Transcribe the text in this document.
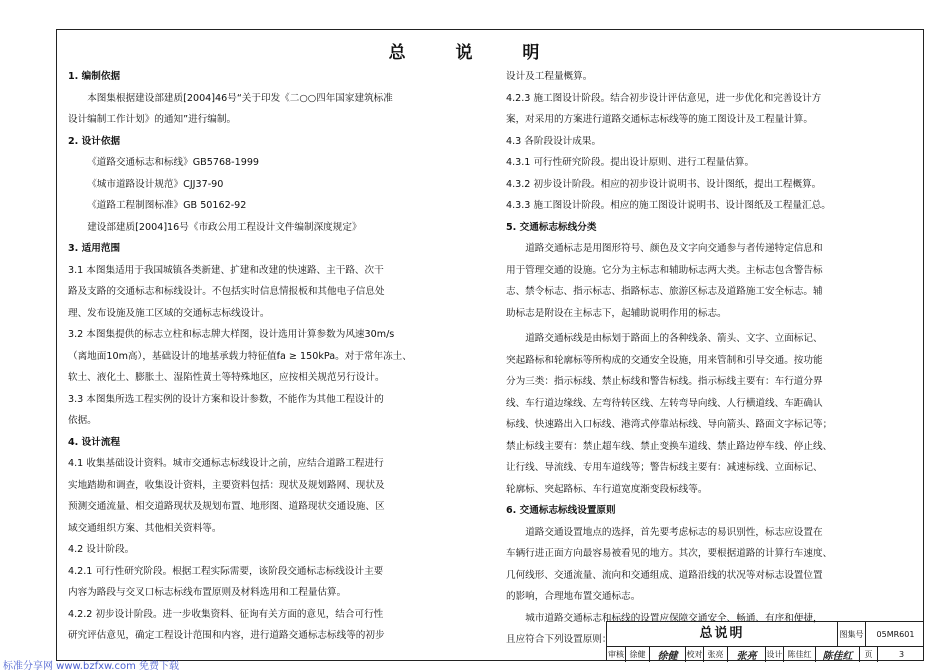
总 说 明

1. 编制依据

本图集根据建设部建质[2004]46号“关于印发《二○○四年国家建筑标准

设计编制工作计划》的通知”进行编制。

2. 设计依据

《道路交通标志和标线》GB5768-1999

《城市道路设计规范》CJJ37-90

《道路工程制图标准》GB 50162-92

建设部建质[2004]16号《市政公用工程设计文件编制深度规定》

3. 适用范围

3.1 本图集适用于我国城镇各类新建、扩建和改建的快速路、主干路、次干

路及支路的交通标志和标线设计。不包括实时信息情报板和其他电子信息处

理、发布设施及施工区域的交通标志标线设计。

3.2 本图集提供的标志立柱和标志牌大样图，设计选用计算参数为风速30m/s

（离地面10m高），基础设计的地基承载力特征值fa ≥ 150kPa。对于常年冻土、

软土、液化土、膨胀土、湿陷性黄土等特殊地区，应按相关规范另行设计。

3.3 本图集所选工程实例的设计方案和设计参数，不能作为其他工程设计的

依据。

4. 设计流程

4.1 收集基础设计资料。城市交通标志标线设计之前，应结合道路工程进行

实地踏勘和调查，收集设计资料，主要资料包括：现状及规划路网、现状及

预测交通流量、相交道路现状及规划布置、地形图、道路现状交通设施、区

域交通组织方案、其他相关资料等。

4.2 设计阶段。

4.2.1 可行性研究阶段。根据工程实际需要，该阶段交通标志标线设计主要

内容为路段与交叉口标志标线布置原则及材料选用和工程量估算。

4.2.2 初步设计阶段。进一步收集资料、征询有关方面的意见，结合可行性

研究评估意见，确定工程设计范围和内容，进行道路交通标志标线等的初步

设计及工程量概算。

4.2.3 施工图设计阶段。结合初步设计评估意见，进一步优化和完善设计方

案，对采用的方案进行道路交通标志标线等的施工图设计及工程量计算。

4.3 各阶段设计成果。

4.3.1 可行性研究阶段。提出设计原则、进行工程量估算。

4.3.2 初步设计阶段。相应的初步设计说明书、设计图纸，提出工程概算。

4.3.3 施工图设计阶段。相应的施工图设计说明书、设计图纸及工程量汇总。

5. 交通标志标线分类

道路交通标志是用图形符号、颜色及文字向交通参与者传递特定信息和

用于管理交通的设施。它分为主标志和辅助标志两大类。主标志包含警告标

志、禁令标志、指示标志、指路标志、旅游区标志及道路施工安全标志。辅

助标志是附设在主标志下，起辅助说明作用的标志。

道路交通标线是由标划于路面上的各种线条、箭头、文字、立面标记、

突起路标和轮廓标等所构成的交通安全设施，用来管制和引导交通。按功能

分为三类：指示标线、禁止标线和警告标线。指示标线主要有：车行道分界

线、车行道边缘线、左弯待转区线、左转弯导向线、人行横道线、车距确认

标线、快速路出入口标线、港湾式停靠站标线、导向箭头、路面文字标记等；

禁止标线主要有：禁止超车线、禁止变换车道线、禁止路边停车线、停止线、

让行线、导流线、专用车道线等；警告标线主要有：减速标线、立面标记、

轮廓标、突起路标、车行道宽度渐变段标线等。

6. 交通标志标线设置原则

道路交通设置地点的选择，首先要考虑标志的易识别性，标志应设置在

车辆行进正面方向最容易被看见的地方。其次，要根据道路的计算行车速度、

几何线形、交通流量、流向和交通组成、道路沿线的状况等对标志设置位置

的影响，合理地布置交通标志。

城市道路交通标志和标线的设置应保障交通安全、畅通、有序和便捷，

且应符合下列设置原则：	总说明	图集号	05MR601
审核 徐健	徐健	校对 张亮	张亮	设计 陈佳红	陈佳红	页	3
标准分享网 www.bzfxw.com 免费下载
